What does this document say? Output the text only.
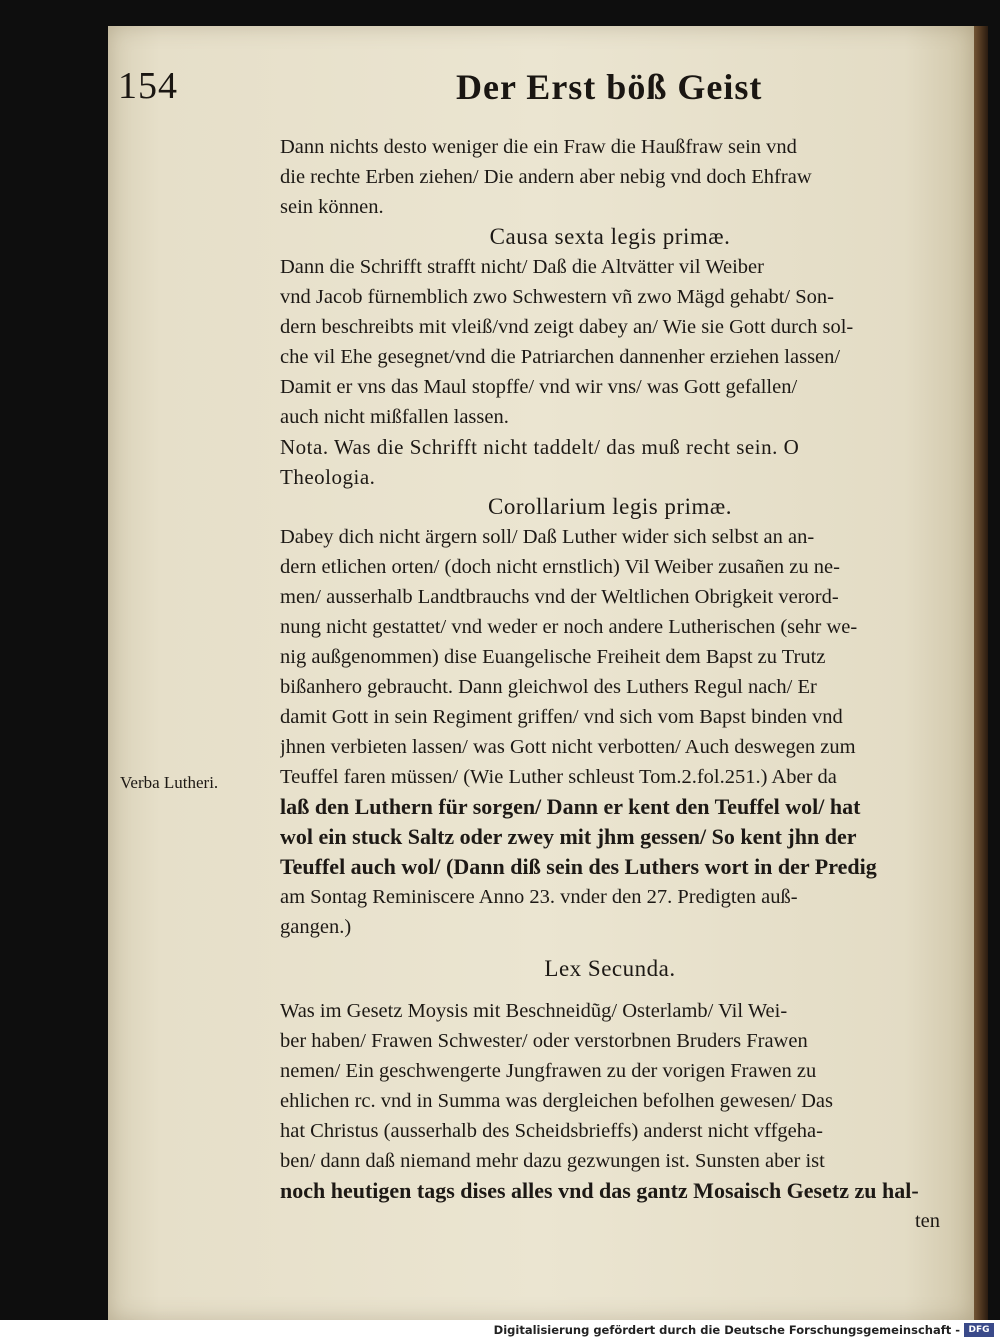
154	Der Erst böß Geist
Verba Lutheri.
Dann nichts desto weniger die ein Fraw die Haußfraw sein vnd
die rechte Erben ziehen/ Die andern aber nebig vnd doch Ehfraw
sein können.
Causa sexta legis primæ.
Dann die Schrifft strafft nicht/ Daß die Altvätter vil Weiber
vnd Jacob fürnemblich zwo Schwestern vñ zwo Mägd gehabt/ Son-
dern beschreibts mit vleiß/vnd zeigt dabey an/ Wie sie Gott durch sol-
che vil Ehe gesegnet/vnd die Patriarchen dannenher erziehen lassen/
Damit er vns das Maul stopffe/ vnd wir vns/ was Gott gefallen/
auch nicht mißfallen lassen.
Nota. Was die Schrifft nicht taddelt/ das muß recht sein. O
Theologia.
Corollarium legis primæ.
Dabey dich nicht ärgern soll/ Daß Luther wider sich selbst an an-
dern etlichen orten/ (doch nicht ernstlich) Vil Weiber zusañen zu ne-
men/ ausserhalb Landtbrauchs vnd der Weltlichen Obrigkeit verord-
nung nicht gestattet/ vnd weder er noch andere Lutherischen (sehr we-
nig außgenommen) dise Euangelische Freiheit dem Bapst zu Trutz
bißanhero gebraucht. Dann gleichwol des Luthers Regul nach/ Er
damit Gott in sein Regiment griffen/ vnd sich vom Bapst binden vnd
jhnen verbieten lassen/ was Gott nicht verbotten/ Auch deswegen zum
Teuffel faren müssen/ (Wie Luther schleust Tom.2.fol.251.) Aber da
laß den Luthern für sorgen/ Dann er kent den Teuffel wol/ hat
wol ein stuck Saltz oder zwey mit jhm gessen/ So kent jhn der
Teuffel auch wol/ (Dann diß sein des Luthers wort in der Predig
am Sontag Reminiscere Anno 23. vnder den 27. Predigten auß-
gangen.)
Lex Secunda.
Was im Gesetz Moysis mit Beschneidũg/ Osterlamb/ Vil Wei-
ber haben/ Frawen Schwester/ oder verstorbnen Bruders Frawen
nemen/ Ein geschwengerte Jungfrawen zu der vorigen Frawen zu
ehlichen rc. vnd in Summa was dergleichen befolhen gewesen/ Das
hat Christus (ausserhalb des Scheidsbrieffs) anderst nicht vffgeha-
ben/ dann daß niemand mehr dazu gezwungen ist. Sunsten aber ist
noch heutigen tags dises alles vnd das gantz Mosaisch Gesetz zu hal-
ten
Digitalisierung gefördert durch die Deutsche Forschungsgemeinschaft - DFG
